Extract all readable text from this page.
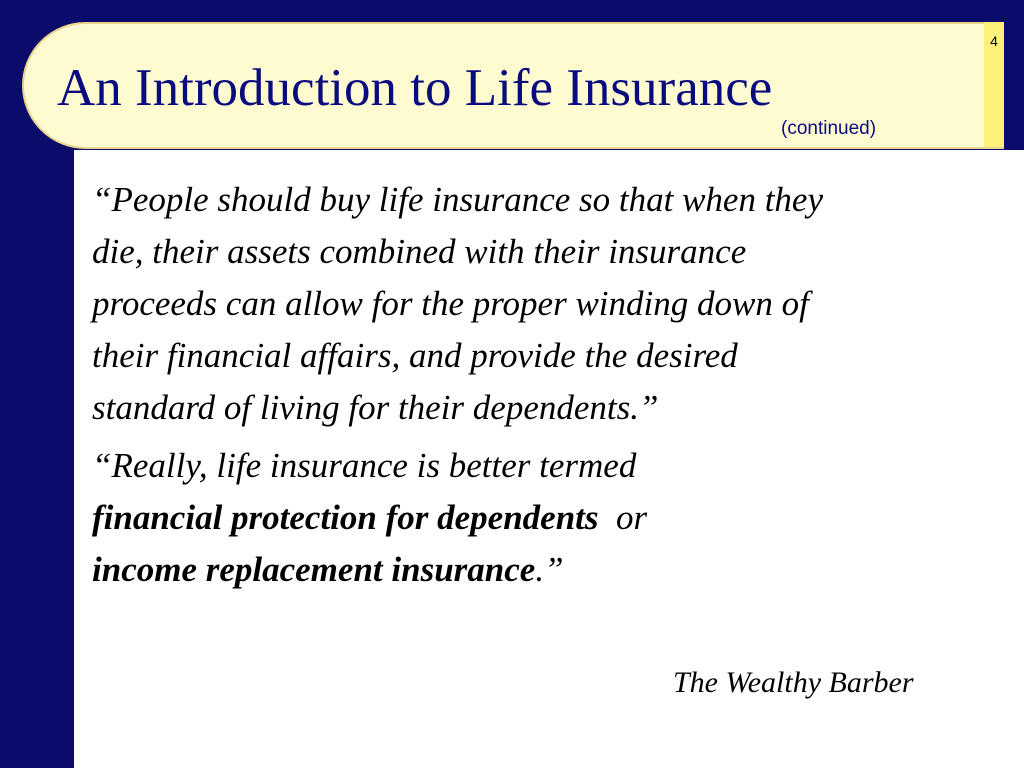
4
An Introduction to Life Insurance
(continued)

“People should buy life insurance so that when they
die, their assets combined with their insurance
proceeds can allow for the proper winding down of
their financial affairs, and provide the desired
standard of living for their dependents.”

“Really, life insurance is better termed
financial protection for dependents or
income replacement insurance.”

The Wealthy Barber
